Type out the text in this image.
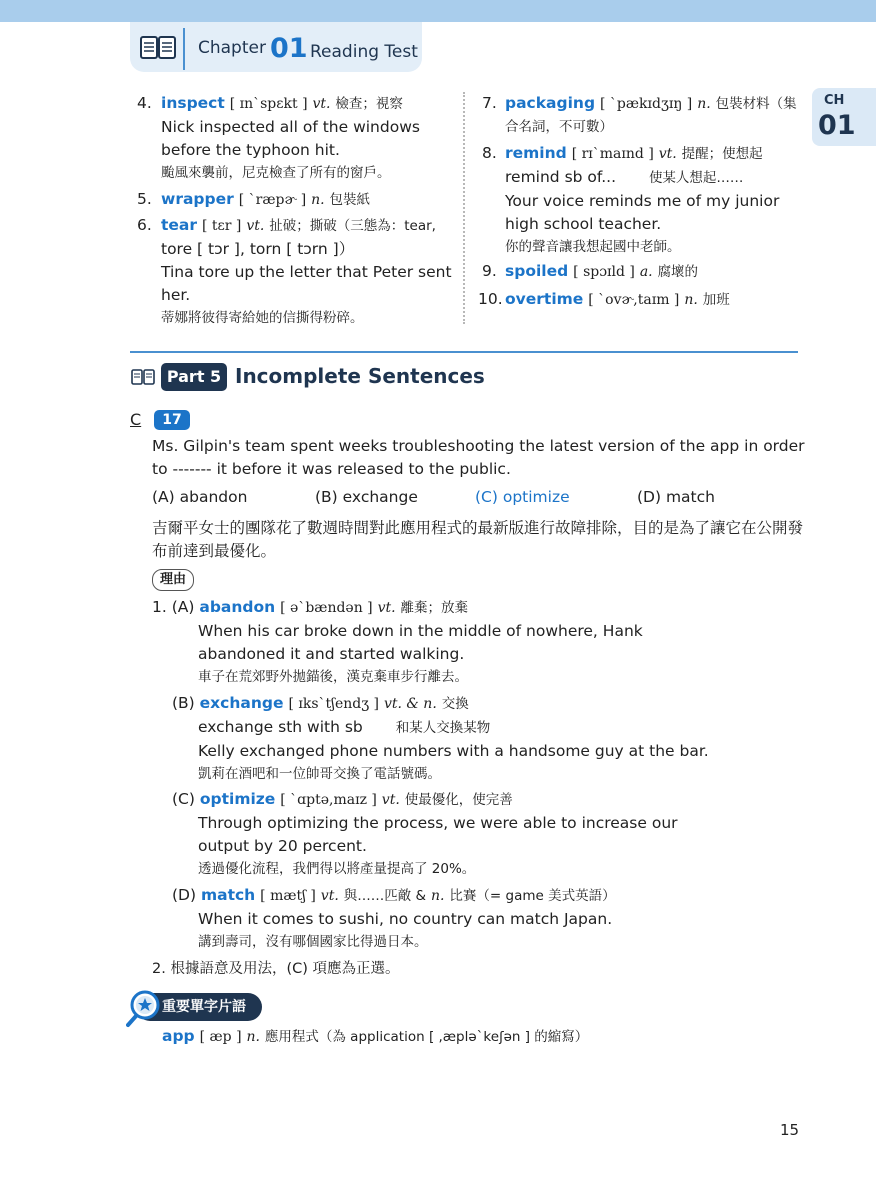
Chapter 01 Reading Test
CH
01
4. inspect [ ɪnˋspɛkt ] vt. 檢查；視察
Nick inspected all of the windows
before the typhoon hit.
颱風來襲前，尼克檢查了所有的窗戶。
5. wrapper [ ˋræpɚ ] n. 包裝紙
6. tear [ tɛr ] vt. 扯破；撕破（三態為：tear,
tore [ tɔr ], torn [ tɔrn ]）
Tina tore up the letter that Peter sent
her.
蒂娜將彼得寄給她的信撕得粉碎。
7. packaging [ ˋpækɪdʒɪŋ ] n. 包裝材料（集
合名詞，不可數）
8. remind [ rɪˋmaɪnd ] vt. 提醒；使想起
remind sb of... 使某人想起……
Your voice reminds me of my junior
high school teacher.
你的聲音讓我想起國中老師。
9. spoiled [ spɔɪld ] a. 腐壞的
10. overtime [ ˋovɚ,taɪm ] n. 加班
Part 5 Incomplete Sentences
C	17
Ms. Gilpin's team spent weeks troubleshooting the latest version of the app in order
to ------- it before it was released to the public.
(A) abandon	(B) exchange	(C) optimize	(D) match
吉爾平女士的團隊花了數週時間對此應用程式的最新版進行故障排除，目的是為了讓它在公開發
布前達到最優化。
理由
1. (A) abandon [ əˋbændən ] vt. 離棄；放棄
When his car broke down in the middle of nowhere, Hank
abandoned it and started walking.
車子在荒郊野外拋錨後，漢克棄車步行離去。
(B) exchange [ ɪksˋtʃendʒ ] vt. & n. 交換
exchange sth with sb 和某人交換某物
Kelly exchanged phone numbers with a handsome guy at the bar.
凱莉在酒吧和一位帥哥交換了電話號碼。
(C) optimize [ ˋɑptə,maɪz ] vt. 使最優化，使完善
Through optimizing the process, we were able to increase our
output by 20 percent.
透過優化流程，我們得以將產量提高了 20%。
(D) match [ mætʃ ] vt. 與……匹敵 & n. 比賽（= game 美式英語）
When it comes to sushi, no country can match Japan.
講到壽司，沒有哪個國家比得過日本。
2. 根據語意及用法，(C) 項應為正選。
重要單字片語
app [ æp ] n. 應用程式（為 application [ ,æpləˋkeʃən ] 的縮寫）
15
